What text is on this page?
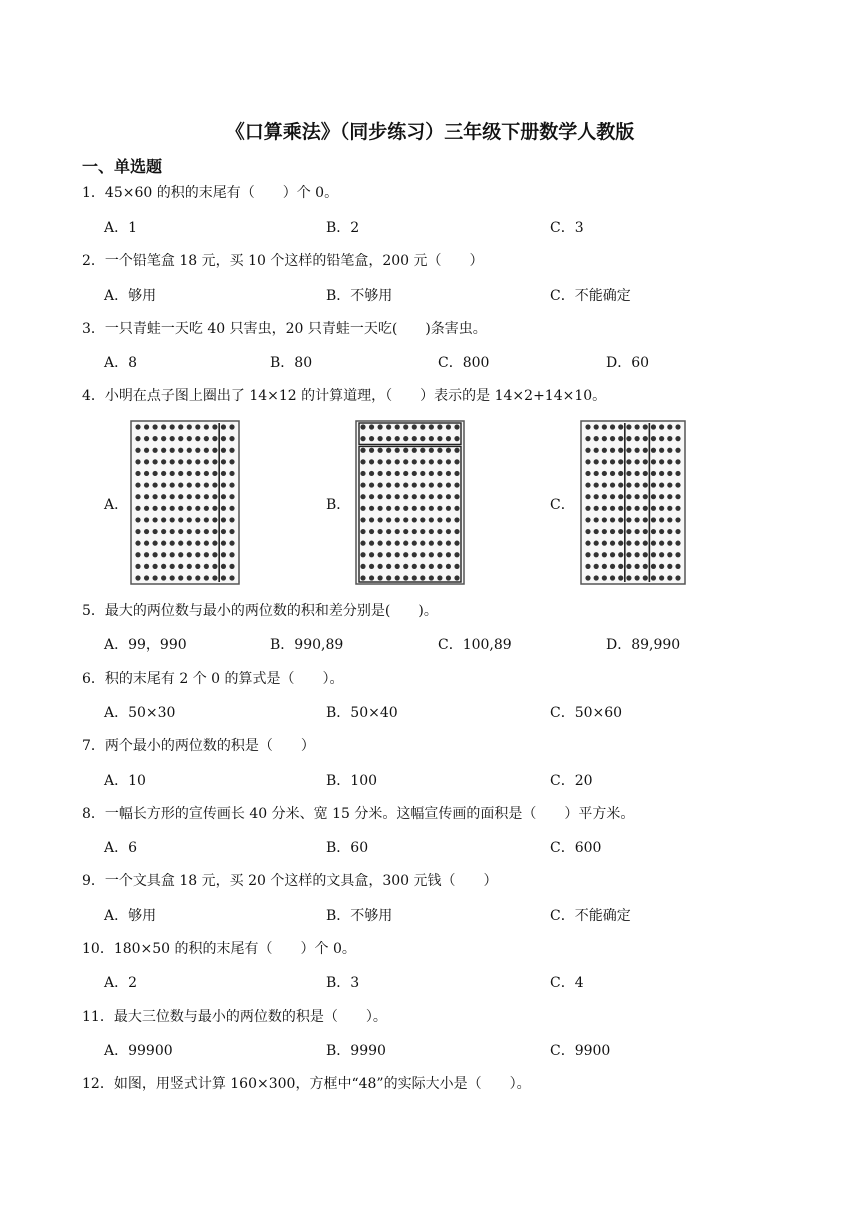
《口算乘法》（同步练习）三年级下册数学人教版
一、单选题
1．45×60 的积的末尾有（　　）个 0。
A．1	B．2	C．3
2．一个铅笔盒 18 元，买 10 个这样的铅笔盒，200 元（　　）
A．够用	B．不够用	C．不能确定
3．一只青蛙一天吃 40 只害虫，20 只青蛙一天吃(　　)条害虫。
A．8	B．80	C．800	D．60
4．小明在点子图上圈出了 14×12 的计算道理，（　　）表示的是 14×2+14×10。
A．	B．	C．
5．最大的两位数与最小的两位数的积和差分别是(　　)。
A．99，990	B．990,89	C．100,89	D．89,990
6．积的末尾有 2 个 0 的算式是（　　）。
A．50×30	B．50×40	C．50×60
7．两个最小的两位数的积是（　　）
A．10	B．100	C．20
8．一幅长方形的宣传画长 40 分米、宽 15 分米。这幅宣传画的面积是（　　）平方米。
A．6	B．60	C．600
9．一个文具盒 18 元，买 20 个这样的文具盒，300 元钱（　　）
A．够用	B．不够用	C．不能确定
10．180×50 的积的末尾有（　　）个 0。
A．2	B．3	C．4
11．最大三位数与最小的两位数的积是（　　）。
A．99900	B．9990	C．9900
12．如图，用竖式计算 160×300，方框中“48”的实际大小是（　　）。
